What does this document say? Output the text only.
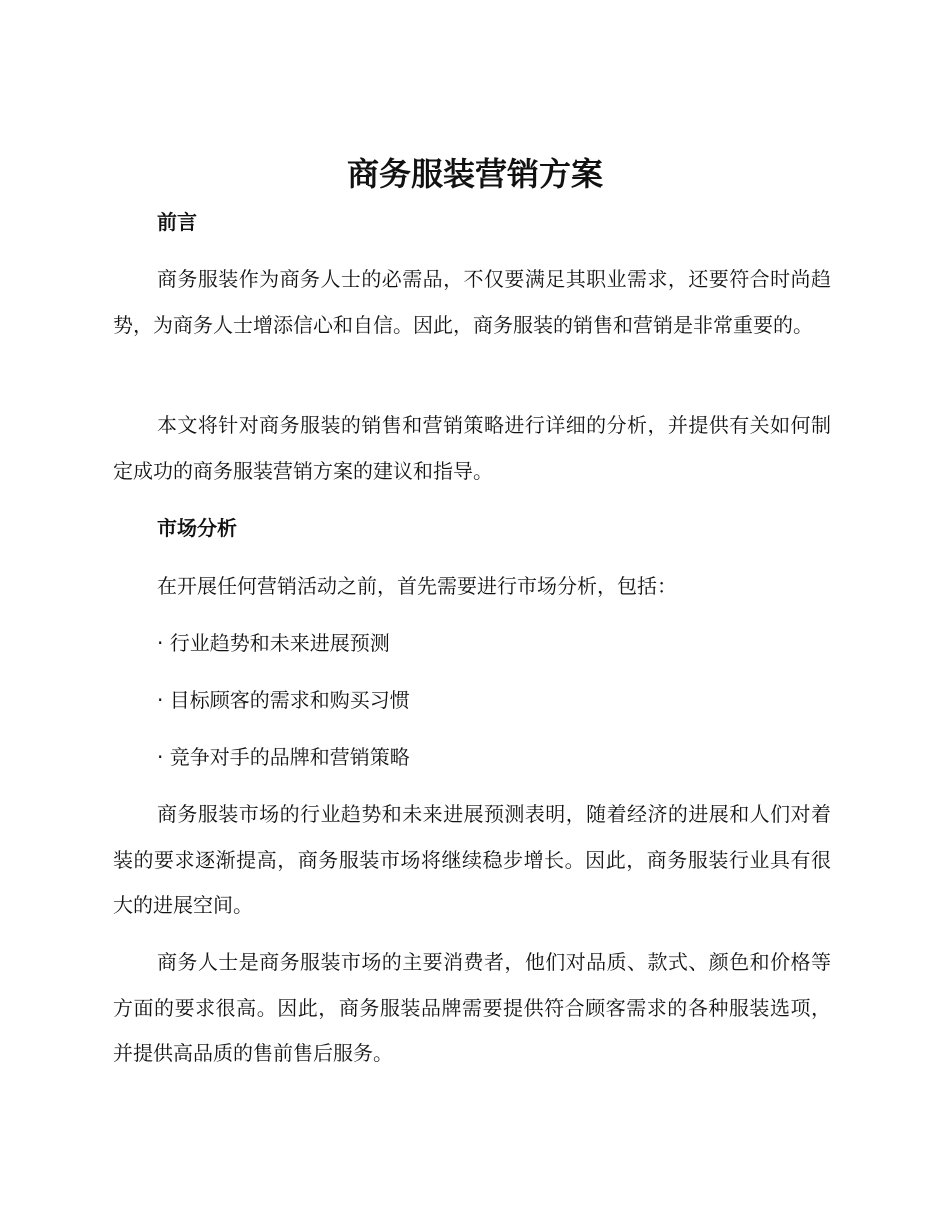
商务服装营销方案
前言

商务服装作为商务人士的必需品，不仅要满足其职业需求，还要符合时尚趋势，为商务人士增添信心和自信。因此，商务服装的销售和营销是非常重要的。

本文将针对商务服装的销售和营销策略进行详细的分析，并提供有关如何制定成功的商务服装营销方案的建议和指导。

市场分析
在开展任何营销活动之前，首先需要进行市场分析，包括：
· 行业趋势和未来进展预测
· 目标顾客的需求和购买习惯
· 竞争对手的品牌和营销策略

商务服装市场的行业趋势和未来进展预测表明，随着经济的进展和人们对着装的要求逐渐提高，商务服装市场将继续稳步增长。因此，商务服装行业具有很大的进展空间。

商务人士是商务服装市场的主要消费者，他们对品质、款式、颜色和价格等方面的要求很高。因此，商务服装品牌需要提供符合顾客需求的各种服装选项，并提供高品质的售前售后服务。
